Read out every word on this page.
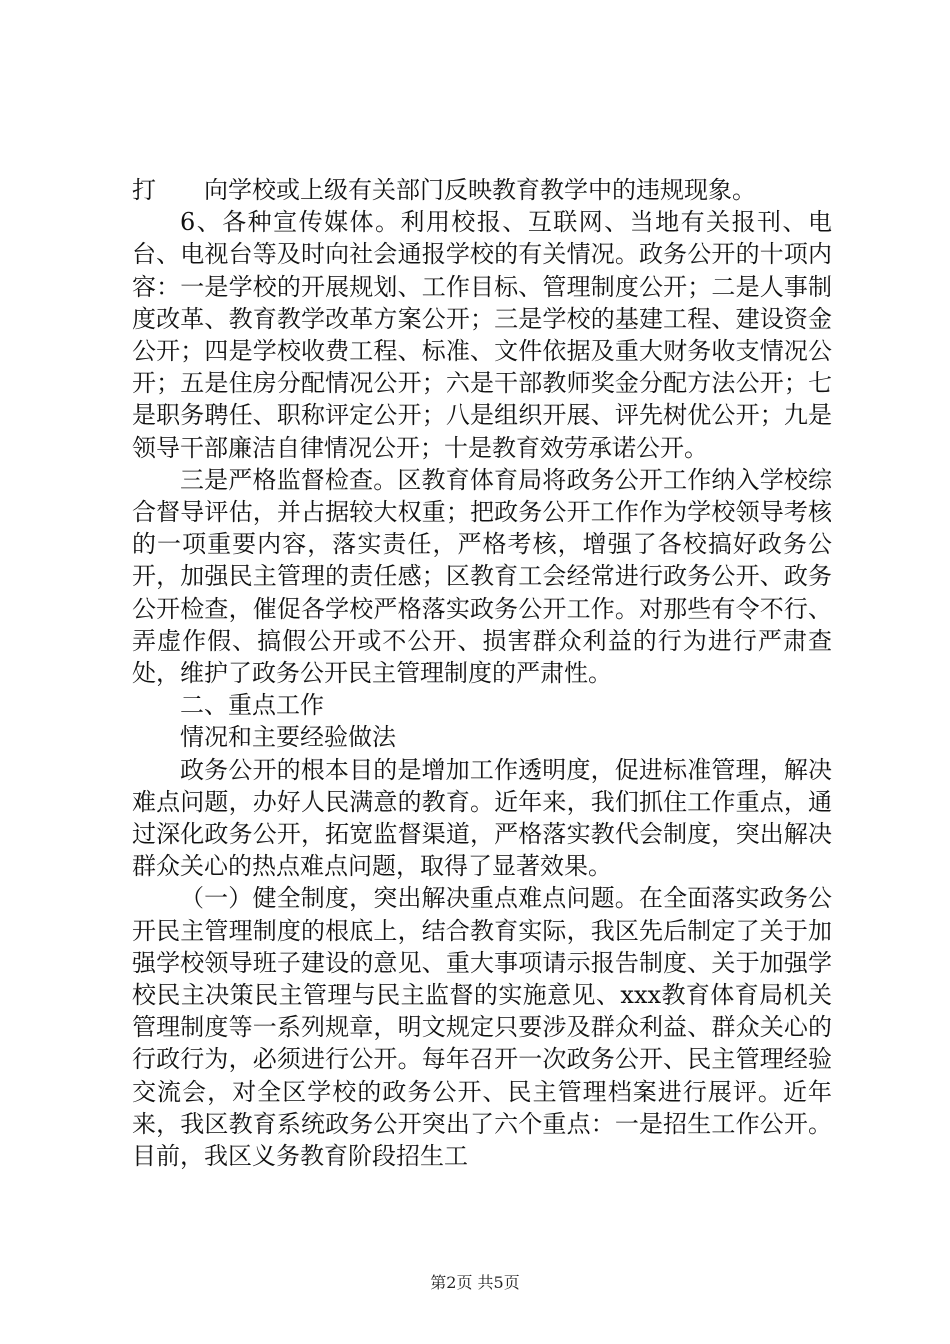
打　　向学校或上级有关部门反映教育教学中的违规现象。

6、各种宣传媒体。利用校报、互联网、当地有关报刊、电台、电视台等及时向社会通报学校的有关情况。政务公开的十项内容：一是学校的开展规划、工作目标、管理制度公开；二是人事制度改革、教育教学改革方案公开；三是学校的基建工程、建设资金公开；四是学校收费工程、标准、文件依据及重大财务收支情况公开；五是住房分配情况公开；六是干部教师奖金分配方法公开；七是职务聘任、职称评定公开；八是组织开展、评先树优公开；九是领导干部廉洁自律情况公开；十是教育效劳承诺公开。

三是严格监督检查。区教育体育局将政务公开工作纳入学校综合督导评估，并占据较大权重；把政务公开工作作为学校领导考核的一项重要内容，落实责任，严格考核，增强了各校搞好政务公开，加强民主管理的责任感；区教育工会经常进行政务公开、政务公开检查，催促各学校严格落实政务公开工作。对那些有令不行、弄虚作假、搞假公开或不公开、损害群众利益的行为进行严肃查处，维护了政务公开民主管理制度的严肃性。

二、重点工作

情况和主要经验做法

政务公开的根本目的是增加工作透明度，促进标准管理，解决难点问题，办好人民满意的教育。近年来，我们抓住工作重点，通过深化政务公开，拓宽监督渠道，严格落实教代会制度，突出解决群众关心的热点难点问题，取得了显著效果。

（一）健全制度，突出解决重点难点问题。在全面落实政务公开民主管理制度的根底上，结合教育实际，我区先后制定了关于加强学校领导班子建设的意见、重大事项请示报告制度、关于加强学校民主决策民主管理与民主监督的实施意见、xxx教育体育局机关管理制度等一系列规章，明文规定只要涉及群众利益、群众关心的行政行为，必须进行公开。每年召开一次政务公开、民主管理经验交流会，对全区学校的政务公开、民主管理档案进行展评。近年来，我区教育系统政务公开突出了六个重点：一是招生工作公开。目前，我区义务教育阶段招生工

第2页 共5页
